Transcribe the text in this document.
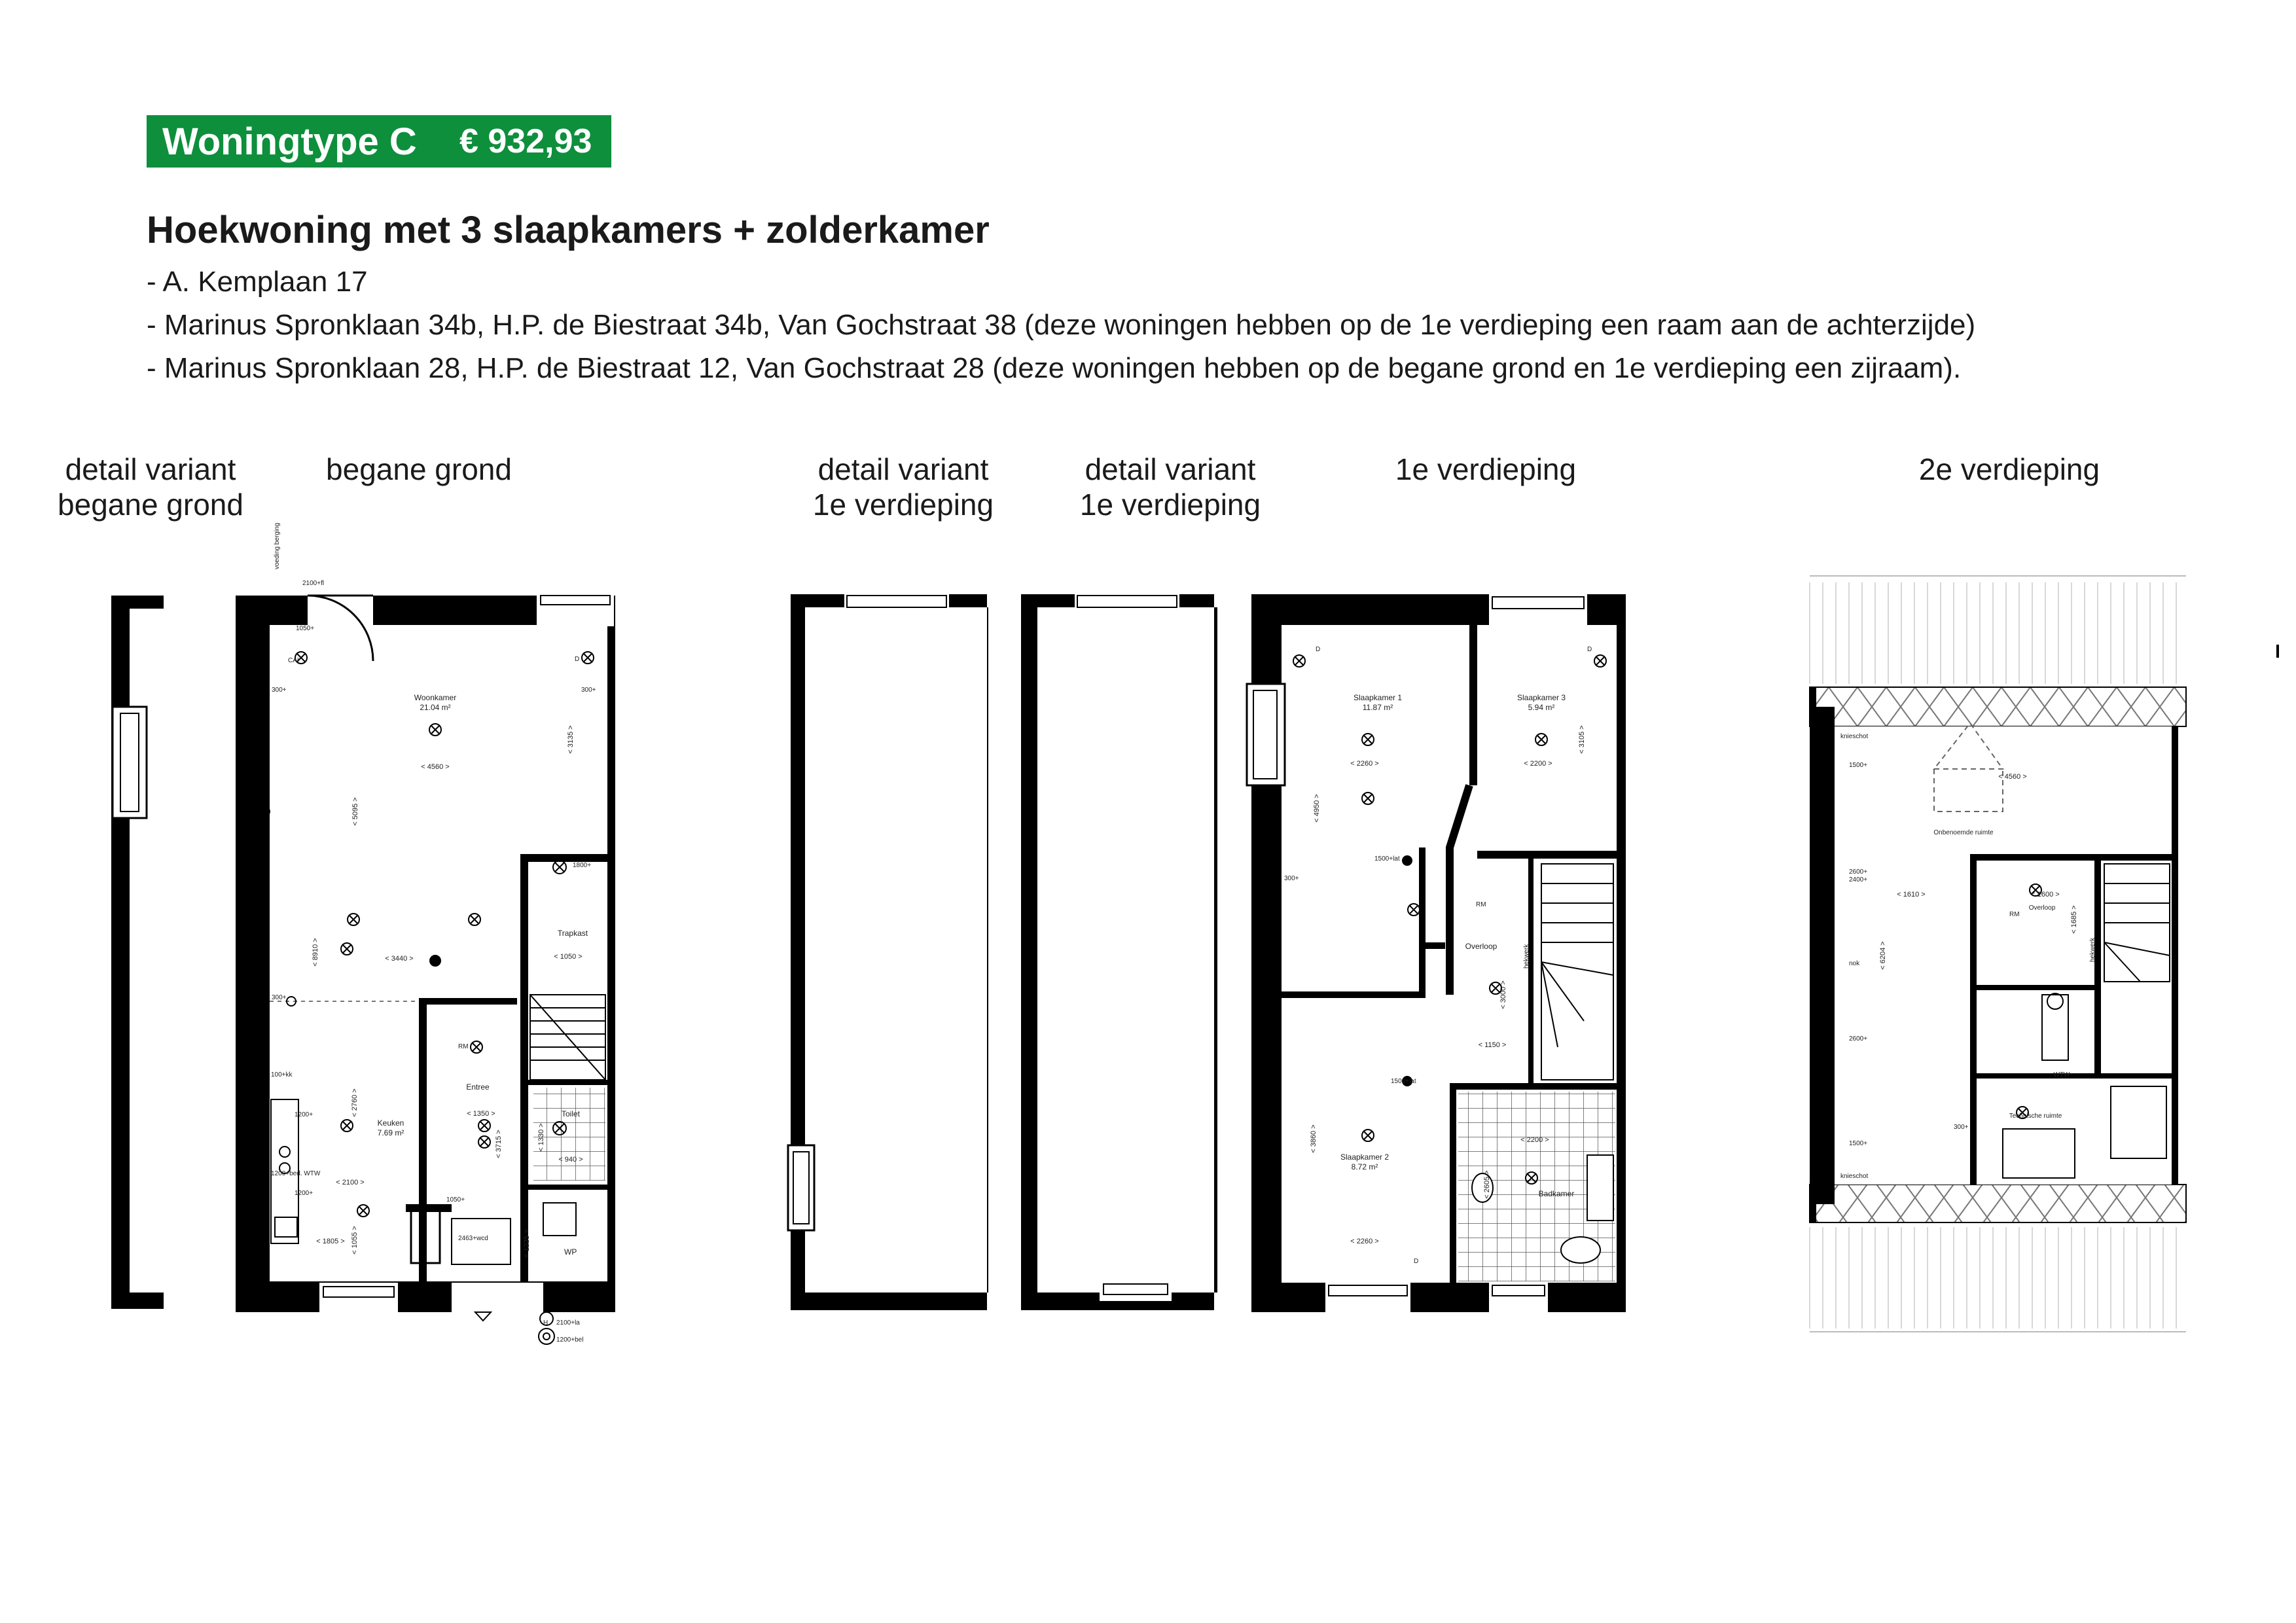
Woningtype C € 932,93
Hoekwoning met 3 slaapkamers + zolderkamer
- A. Kemplaan 17
- Marinus Spronklaan 34b, H.P. de Biestraat 34b, Van Gochstraat 38 (deze woningen hebben op de 1e verdieping een raam aan de achterzijde)
- Marinus Spronklaan 28, H.P. de Biestraat 12, Van Gochstraat 28 (deze woningen hebben op de begane grond en 1e verdieping een zijraam).
detail variant
begane grond
begane grond	detail variant
1e verdieping
detail variant
1e verdieping
1e verdieping	2e verdieping
Woonkamer
21.04 m²
< 4560 >
< 3135 >
< 5095 >
< 8910 >	< 3440 >
Trapkast
< 1050 >
Keuken
7.69 m²
< 2100 >
< 2760 >
< 1805 > < 1055 >
Entree
< 1350 >
< 3715 >
Toilet
< 940 >
< 1330 >
< 1225 >
RM
WP
CAI	D
300+	300+
300+
1050+
1800+
2100+fl
voeding berging
2463+wcd
1050+
1200+
1200+
100+kk
1200+bed. WTW
H 2100+la
1200+bel
Slaapkamer 1
11.87 m²
Slaapkamer 3
5.94 m²
< 2260 >	< 2200 >
< 3105 >
< 4950 >
Overloop
RM
< 3000 >
< 1150 >
hekwerk
Slaapkamer 2
8.72 m²
< 3860 >
< 2260 >
Badkamer
< 2200 >
< 2605 >
1500+lat
1500+lat
D	D
D
300+
knieschot
knieschot
1500+
< 4560 >
Onbenoemde ruimte
2600+
2400+
< 1610 >	< 1600 >
Overloop
RM	< 1685 >
< 6204 >
nok
2600+
Technische ruimte
WTW
1500+
hekwerk
300+
